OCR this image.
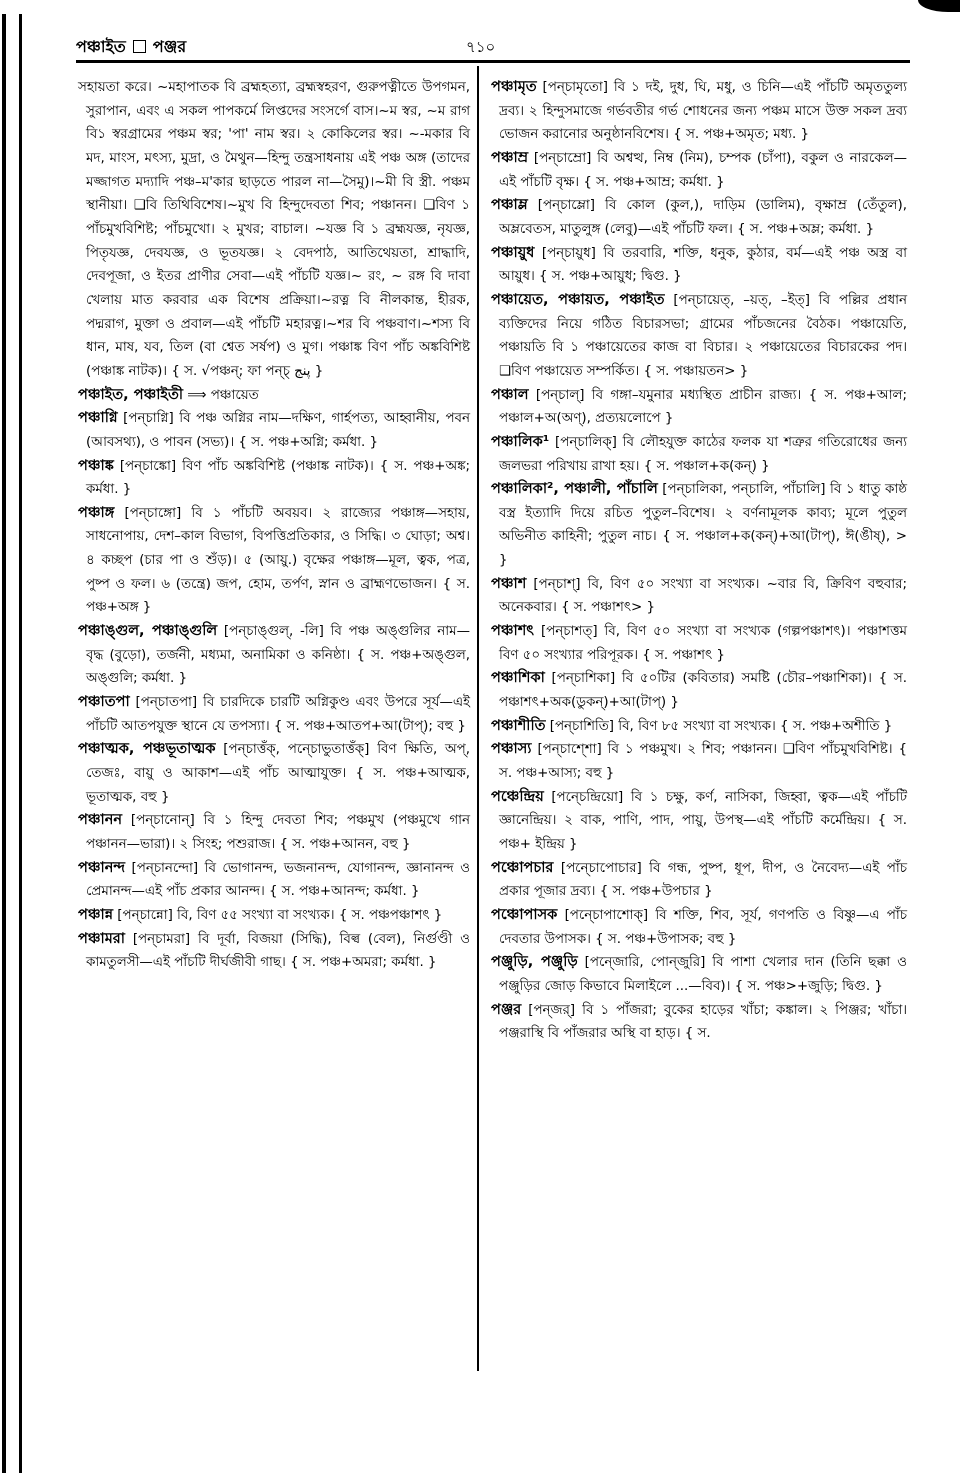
পঞ্চাইত পঞ্জর	৭১০

সহায়তা করে। ~মহাপাতক বি ব্রহ্মহত্যা, ব্রহ্মস্বহরণ, গুরুপত্নীতে উপগমন, সুরাপান, এবং এ সকল পাপকর্মে লিপ্তদের সংসর্গে বাস।~ম স্বর, ~ম রাগ বি১ স্বরগ্রামের পঞ্চম স্বর; 'পা' নাম স্বর। ২ কোকিলের স্বর। ~-মকার বি মদ, মাংস, মৎস্য, মুদ্রা, ও মৈথুন—হিন্দু তন্ত্রসাধনায় এই পঞ্চ অঙ্গ (তাদের মজ্জাগত মদ্যাদি পঞ্চ–ম'কার ছাড়তে পারল না—সৈমু)।~মী বি স্ত্রী. পঞ্চম স্থানীয়া। ❑বি তিথিবিশেষ।~মুখ বি হিন্দুদেবতা শিব; পঞ্চানন। ❑বিণ ১ পাঁচমুখবিশিষ্ট; পাঁচমুখো। ২ মুখর; বাচাল। ~যজ্ঞ বি ১ ব্রহ্মযজ্ঞ, নৃযজ্ঞ, পিতৃযজ্ঞ, দেবযজ্ঞ, ও ভূতযজ্ঞ। ২ বেদপাঠ, আতিথেয়তা, শ্রাদ্ধাদি, দেবপূজা, ও ইতর প্রাণীর সেবা—এই পাঁচটি যজ্ঞ।~ রং, ~ রঙ্গ বি দাবা খেলায় মাত করবার এক বিশেষ প্রক্রিয়া।~রত্ন বি নীলকান্ত, হীরক, পদ্মরাগ, মুক্তা ও প্রবাল—এই পাঁচটি মহারত্ন।~শর বি পঞ্চবাণ।~শস্য বি ধান, মাষ, যব, তিল (বা শ্বেত সর্ষপ) ও মুগ। পঞ্চাঙ্ক বিণ পাঁচ অঙ্কবিশিষ্ট (পঞ্চাঙ্ক নাটক)। { স. √পঞ্চন্; ফা পন্চ্ پنج }

পঞ্চাইত, পঞ্চাইতী ⟹ পঞ্চায়েত

পঞ্চাগ্নি [পন্চাগ্নি] বি পঞ্চ অগ্নির নাম—দক্ষিণ, গার্হপত্য, আহ্বানীয়, পবন (আবসথ্য), ও পাবন (সভ্য)। { স. পঞ্চ+অগ্নি; কর্মধা. }

পঞ্চাঙ্ক [পন্চাঙ্কো] বিণ পাঁচ অঙ্কবিশিষ্ট (পঞ্চাঙ্ক নাটক)। { স. পঞ্চ+অঙ্ক; কর্মধা. }

পঞ্চাঙ্গ [পন্চাঙ্গো] বি ১ পাঁচটি অবয়ব। ২ রাজ্যের পঞ্চাঙ্গ—সহায়, সাধনোপায়, দেশ–কাল বিভাগ, বিপত্তিপ্রতিকার, ও সিদ্ধি। ৩ ঘোড়া; অশ্ব। ৪ কচ্ছপ (চার পা ও শুঁড়)। ৫ (আয়ু.) বৃক্ষের পঞ্চাঙ্গ—মূল, ত্বক, পত্র, পুষ্প ও ফল। ৬ (তন্ত্রে) জপ, হোম, তর্পণ, স্নান ও ব্রাহ্মণভোজন। { স. পঞ্চ+অঙ্গ }

পঞ্চাঙ্গুল, পঞ্চাঙ্গুলি [পন্চাঙ্গুল্, -লি] বি পঞ্চ অঙ্গুলির নাম—বৃদ্ধ (বুড়ো), তর্জনী, মধ্যমা, অনামিকা ও কনিষ্ঠা। { স. পঞ্চ+অঙ্গুল, অঙ্গুলি; কর্মধা. }

পঞ্চাতপা [পন্চাতপা] বি চারদিকে চারটি অগ্নিকুণ্ড এবং উপরে সূর্য—এই পাঁচটি আতপযুক্ত স্থানে যে তপস্যা। { স. পঞ্চ+আতপ+আ(টাপ্); বহু }

পঞ্চাত্মক, পঞ্চভূতাত্মক [পন্চাত্তঁক্, পন্চোভুতাত্তঁক্] বিণ ক্ষিতি, অপ্, তেজঃ, বায়ু ও আকাশ—এই পাঁচ আত্মাযুক্ত। { স. পঞ্চ+আত্মক, ভূতাত্মক, বহু }

পঞ্চানন [পন্চানোন্] বি ১ হিন্দু দেবতা শিব; পঞ্চমুখ (পঞ্চমুখে গান পঞ্চানন—ভারা)। ২ সিংহ; পশুরাজ। { স. পঞ্চ+আনন, বহু }

পঞ্চানন্দ [পন্চানন্দো] বি ভোগানন্দ, ভজনানন্দ, যোগানন্দ, জ্ঞানানন্দ ও প্রেমানন্দ—এই পাঁচ প্রকার আনন্দ। { স. পঞ্চ+আনন্দ; কর্মধা. }

পঞ্চান্ন [পন্চান্নো] বি, বিণ ৫৫ সংখ্যা বা সংখ্যক। { স. পঞ্চপঞ্চাশৎ }

পঞ্চামরা [পন্চামরা] বি দূর্বা, বিজয়া (সিদ্ধি), বিল্ব (বেল), নির্গুণ্ডী ও কামতুলসী—এই পাঁচটি দীর্ঘজীবী গাছ। { স. পঞ্চ+অমরা; কর্মধা. }

পঞ্চামৃত [পন্চামৃতো] বি ১ দই, দুধ, ঘি, মধু, ও চিনি—এই পাঁচটি অমৃততুল্য দ্রব্য। ২ হিন্দুসমাজে গর্ভবতীর গর্ভ শোধনের জন্য পঞ্চম মাসে উক্ত সকল দ্রব্য ভোজন করানোর অনুষ্ঠানবিশেষ। { স. পঞ্চ+অমৃত; মধ্য. }

পঞ্চাম্র [পন্চাম্রো] বি অশ্বত্থ, নিম্ব (নিম), চম্পক (চাঁপা), বকুল ও নারকেল—এই পাঁচটি বৃক্ষ। { স. পঞ্চ+আম্র; কর্মধা. }

পঞ্চাম্ল [পন্চাম্লো] বি কোল (কুল,), দাড়িম (ডালিম), বৃক্ষাম্র (তেঁতুল), অম্লবেতস, মাতুলুঙ্গ (লেবু)—এই পাঁচটি ফল। { স. পঞ্চ+অম্ল; কর্মধা. }

পঞ্চায়ুধ [পন্চায়ুধ] বি তরবারি, শক্তি, ধনুক, কুঠার, বর্ম—এই পঞ্চ অস্ত্র বা আয়ুধ। { স. পঞ্চ+আয়ুধ; দ্বিগু. }

পঞ্চায়েত, পঞ্চায়ত, পঞ্চাইত [পন্চায়েত্, –য়ত্, –ইত্] বি পল্লির প্রধান ব্যক্তিদের নিয়ে গঠিত বিচারসভা; গ্রামের পাঁচজনের বৈঠক। পঞ্চায়েতি, পঞ্চায়তি বি ১ পঞ্চায়েতের কাজ বা বিচার। ২ পঞ্চায়েতের বিচারকের পদ। ❑বিণ পঞ্চায়েত সম্পর্কিত। { স. পঞ্চায়তন> }

পঞ্চাল [পন্চাল্] বি গঙ্গা–যমুনার মধ্যস্থিত প্রাচীন রাজ্য। { স. পঞ্চ+আল; পঞ্চাল+অ(অণ্), প্রত্যয়লোপে }

পঞ্চালিক¹ [পন্চালিক্] বি লৌহযুক্ত কাঠের ফলক যা শত্রুর গতিরোধের জন্য জলভরা পরিখায় রাখা হয়। { স. পঞ্চাল+ক(কন্) }

পঞ্চালিকা², পঞ্চালী, পাঁচালি [পন্চালিকা, পন্চালি, পাঁচালি] বি ১ ধাতু কাষ্ঠ বস্ত্র ইত্যাদি দিয়ে রচিত পুতুল–বিশেষ। ২ বর্ণনামূলক কাব্য; মূলে পুতুল অভিনীত কাহিনী; পুতুল নাচ। { স. পঞ্চাল+ক(কন্)+আ(টাপ্), ঈ(ঙীষ্), > }

পঞ্চাশ [পন্চাশ্] বি, বিণ ৫০ সংখ্যা বা সংখ্যক। ~বার বি, ক্রিবিণ বহুবার; অনেকবার। { স. পঞ্চাশৎ> }

পঞ্চাশৎ [পন্চাশত্] বি, বিণ ৫০ সংখ্যা বা সংখ্যক (গল্পপঞ্চাশৎ)। পঞ্চাশত্তম বিণ ৫০ সংখ্যার পরিপূরক। { স. পঞ্চাশৎ }

পঞ্চাশিকা [পন্চাশিকা] বি ৫০টির (কবিতার) সমষ্টি (চৌর–পঞ্চাশিকা)। { স. পঞ্চাশৎ+অক(ডুকন্)+আ(টাপ্) }

পঞ্চাশীতি [পন্চাশিতি] বি, বিণ ৮৫ সংখ্যা বা সংখ্যক। { স. পঞ্চ+অশীতি }

পঞ্চাস্য [পন্চাশ্শো] বি ১ পঞ্চমুখ। ২ শিব; পঞ্চানন। ❑বিণ পাঁচমুখবিশিষ্ট। { স. পঞ্চ+আস্য; বহু }

পঞ্চেন্দ্রিয় [পন্চেন্দ্রিয়ো] বি ১ চক্ষু, কর্ণ, নাসিকা, জিহ্বা, ত্বক—এই পাঁচটি জ্ঞানেন্দ্রিয়। ২ বাক, পাণি, পাদ, পায়ু, উপস্থ—এই পাঁচটি কর্মেন্দ্রিয়। { স. পঞ্চ+ ইন্দ্রিয় }

পঞ্চোপচার [পন্চোপোচার] বি গন্ধ, পুষ্প, ধূপ, দীপ, ও নৈবেদ্য—এই পাঁচ প্রকার পূজার দ্রব্য। { স. পঞ্চ+উপচার }

পঞ্চোপাসক [পন্চোপাশোক্] বি শক্তি, শিব, সূর্য, গণপতি ও বিষ্ণু—এ পাঁচ দেবতার উপাসক। { স. পঞ্চ+উপাসক; বহু }

পঞ্জুড়ি, পঞ্জুড়ি [পন্জোরি, পোন্জুরি] বি পাশা খেলার দান (তিনি ছক্কা ও পঞ্জুড়ির জোড় কিভাবে মিলাইলে ...—বিব)। { স. পঞ্চ>+জুড়ি; দ্বিগু. }

পঞ্জর [পন্জর্] বি ১ পাঁজরা; বুকের হাড়ের খাঁচা; কঙ্কাল। ২ পিঞ্জর; খাঁচা। পঞ্জরাস্থি বি পাঁজরার অস্থি বা হাড়। { স.
